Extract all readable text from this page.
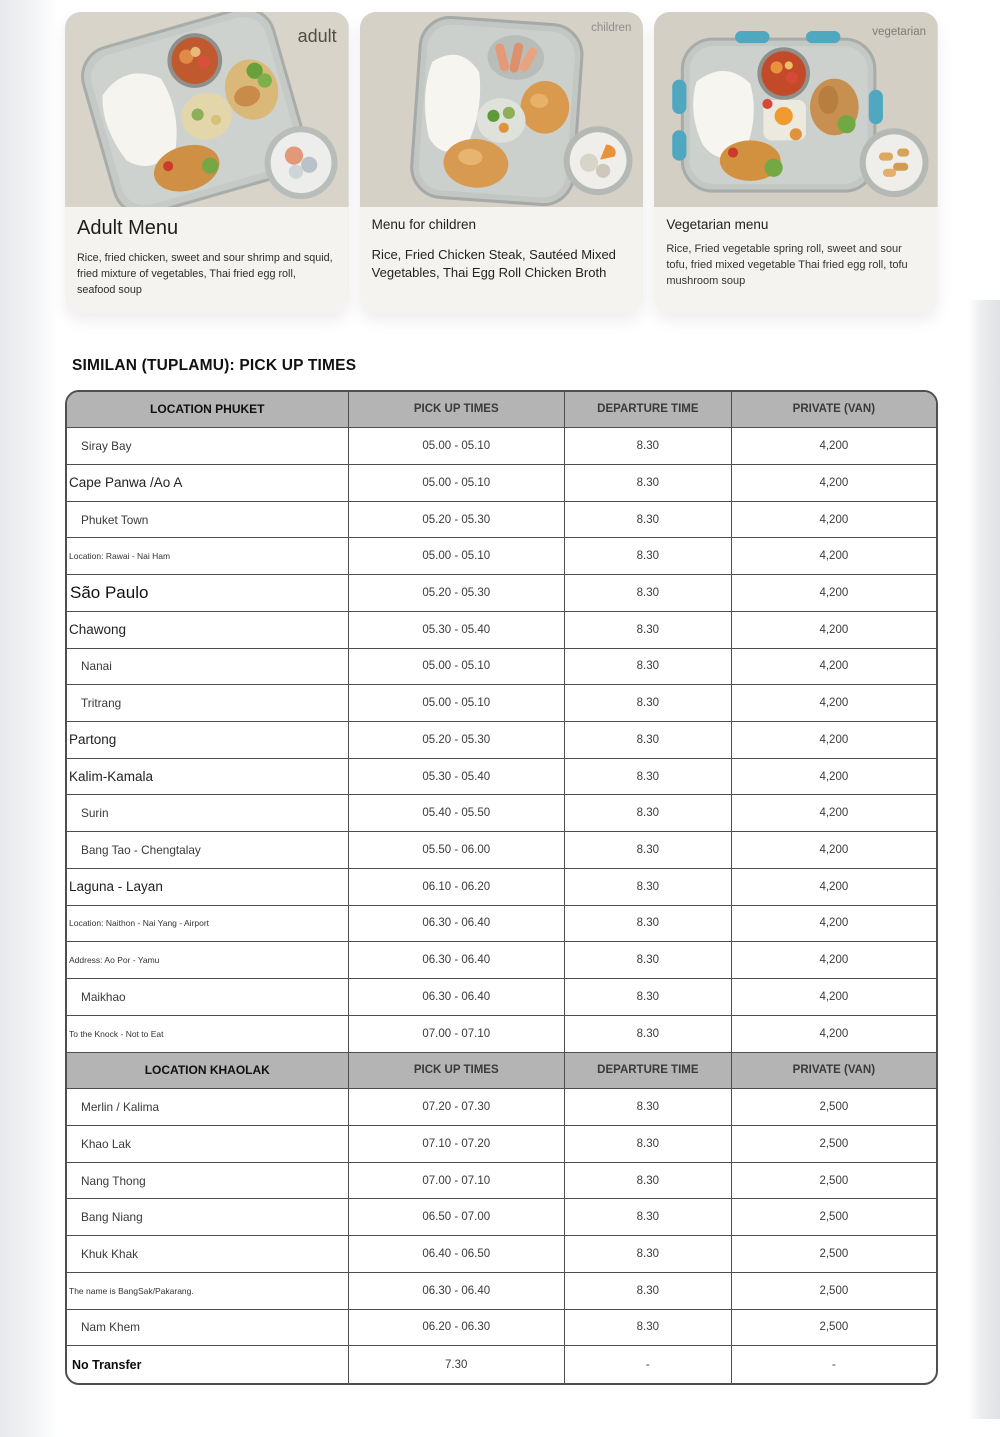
adult
Adult Menu
Rice, fried chicken, sweet and sour shrimp and squid, fried mixture of vegetables, Thai fried egg roll, seafood soup
children
Menu for children
Rice, Fried Chicken Steak, Sautéed Mixed Vegetables, Thai Egg Roll Chicken Broth
vegetarian
Vegetarian menu
Rice, Fried vegetable spring roll, sweet and sour tofu, fried mixed vegetable Thai fried egg roll, tofu mushroom soup
SIMILAN (TUPLAMU): PICK UP TIMES
LOCATION PHUKET	PICK UP TIMES	DEPARTURE TIME	PRIVATE (VAN)
Siray Bay	05.00 - 05.10	8.30	4,200
Cape Panwa /Ao A	05.00 - 05.10	8.30	4,200
Phuket Town	05.20 - 05.30	8.30	4,200
Location: Rawai - Nai Ham	05.00 - 05.10	8.30	4,200
São Paulo	05.20 - 05.30	8.30	4,200
Chawong	05.30 - 05.40	8.30	4,200
Nanai	05.00 - 05.10	8.30	4,200
Tritrang	05.00 - 05.10	8.30	4,200
Partong	05.20 - 05.30	8.30	4,200
Kalim-Kamala	05.30 - 05.40	8.30	4,200
Surin	05.40 - 05.50	8.30	4,200
Bang Tao - Chengtalay	05.50 - 06.00	8.30	4,200
Laguna - Layan	06.10 - 06.20	8.30	4,200
Location: Naithon - Nai Yang - Airport	06.30 - 06.40	8.30	4,200
Address: Ao Por - Yamu	06.30 - 06.40	8.30	4,200
Maikhao	06.30 - 06.40	8.30	4,200
To the Knock - Not to Eat	07.00 - 07.10	8.30	4,200
LOCATION KHAOLAK	PICK UP TIMES	DEPARTURE TIME	PRIVATE (VAN)
Merlin / Kalima	07.20 - 07.30	8.30	2,500
Khao Lak	07.10 - 07.20	8.30	2,500
Nang Thong	07.00 - 07.10	8.30	2,500
Bang Niang	06.50 - 07.00	8.30	2,500
Khuk Khak	06.40 - 06.50	8.30	2,500
The name is BangSak/Pakarang.	06.30 - 06.40	8.30	2,500
Nam Khem	06.20 - 06.30	8.30	2,500
No Transfer	7.30	-	-
